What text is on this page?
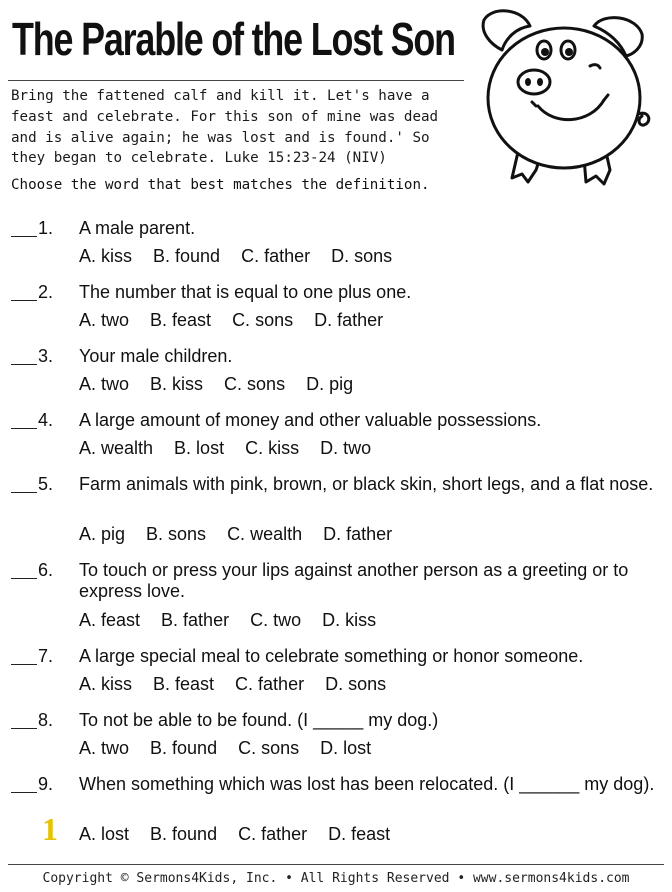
The Parable of the Lost Son
Bring the fattened calf and kill it. Let's have a feast and celebrate. For this son of mine was dead and is alive again; he was lost and is found.' So they began to celebrate. Luke 15:23-24 (NIV)
Choose the word that best matches the definition.
1. A male parent.
A. kiss B. found C. father D. sons
2. The number that is equal to one plus one.
A. two B. feast C. sons D. father
3. Your male children.
A. two B. kiss C. sons D. pig
4. A large amount of money and other valuable possessions.
A. wealth B. lost C. kiss D. two
5. Farm animals with pink, brown, or black skin, short legs, and a flat nose.
A. pig B. sons C. wealth D. father
6. To touch or press your lips against another person as a greeting or to express love.
A. feast B. father C. two D. kiss
7. A large special meal to celebrate something or honor someone.
A. kiss B. feast C. father D. sons
8. To not be able to be found. (I _____ my dog.)
A. two B. found C. sons D. lost
9. When something which was lost has been relocated. (I ______ my dog).
A. lost B. found C. father D. feast
1
Copyright © Sermons4Kids, Inc. • All Rights Reserved • www.sermons4kids.com
